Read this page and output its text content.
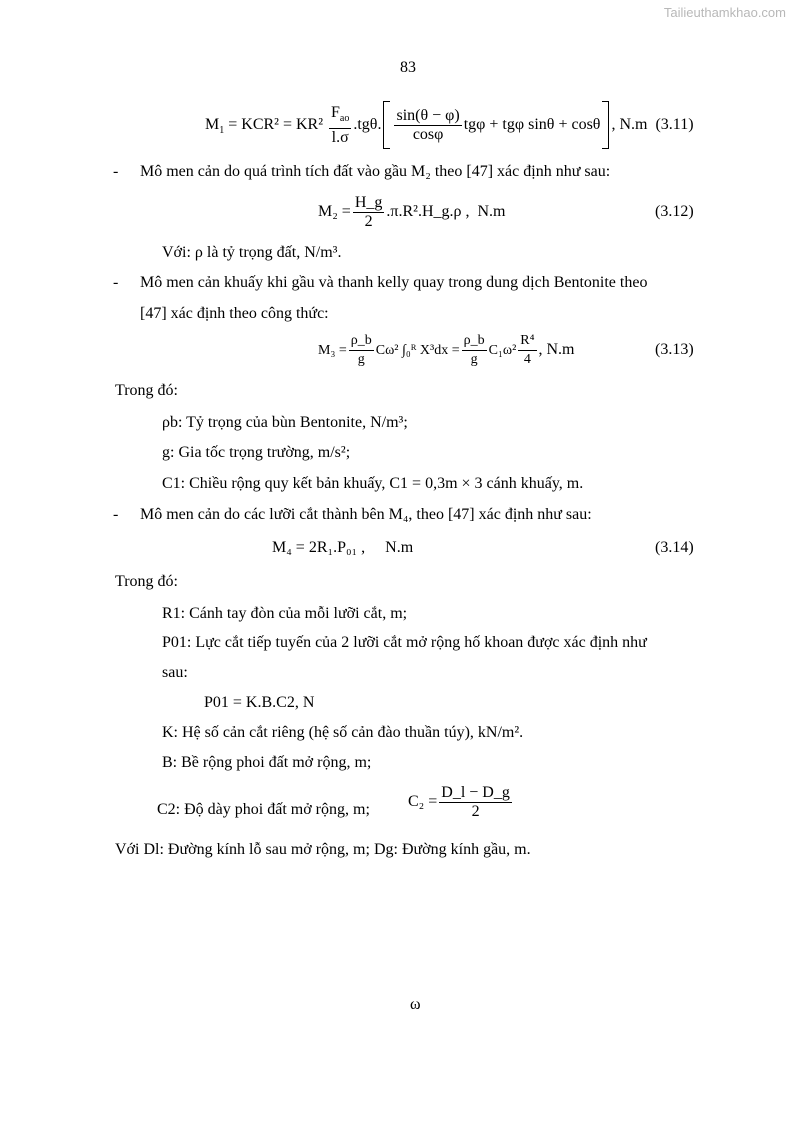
Tailieuthamkhao.com
83
$M_1 = KCR^2 = KR^2 \frac{F_{ao}}{l.\sigma} .tg\theta$. $\frac{\sin(\theta - \varphi)}{\cos\varphi}$ tgφ + tgφ sinθ + cosθ , N.m (3.11)
- Mô men cản do quá trình tích đất vào gầu M₂ theo [47] xác định như sau:
$M_2 = \frac{H\_g}{2}$ .π.R².H_g.ρ , N.m	(3.12)
Với: ρ là tỷ trọng đất, N/m³.
- Mô men cản khuấy khi gầu và thanh kelly quay trong dung dịch Bentonite theo
[47] xác định theo công thức:
$M_3 = \frac{\rho\_b}{g} C\omega^2$ ∫₀ᴿ $X^3dx = \frac{\rho\_b}{g} C_1\omega^2 \frac{\text{R⁴}}{4}$ , N.m	(3.13)
Trong đó:
ρb: Tỷ trọng của bùn Bentonite, N/m³;
g: Gia tốc trọng trường, m/s²;
C1: Chiều rộng quy kết bản khuấy, C1 = 0,3m × 3 cánh khuấy, m.
- Mô men cản do các lưỡi cắt thành bên M₄, theo [47] xác định như sau:
M₄ = 2R₁.P₀₁ , N.m	(3.14)
Trong đó:
R1: Cánh tay đòn của mỗi lưỡi cắt, m;
P01: Lực cắt tiếp tuyến của 2 lưỡi cắt mở rộng hố khoan được xác định như
sau:
P01 = K.B.C2, N
K: Hệ số cản cắt riêng (hệ số cản đào thuần túy), kN/m².
B: Bề rộng phoi đất mở rộng, m;
C2: Độ dày phoi đất mở rộng, m; $C_2 = \frac{D\_l - D\_g}{2}$
Với Dl: Đường kính lỗ sau mở rộng, m; Dg: Đường kính gầu, m.
ω
